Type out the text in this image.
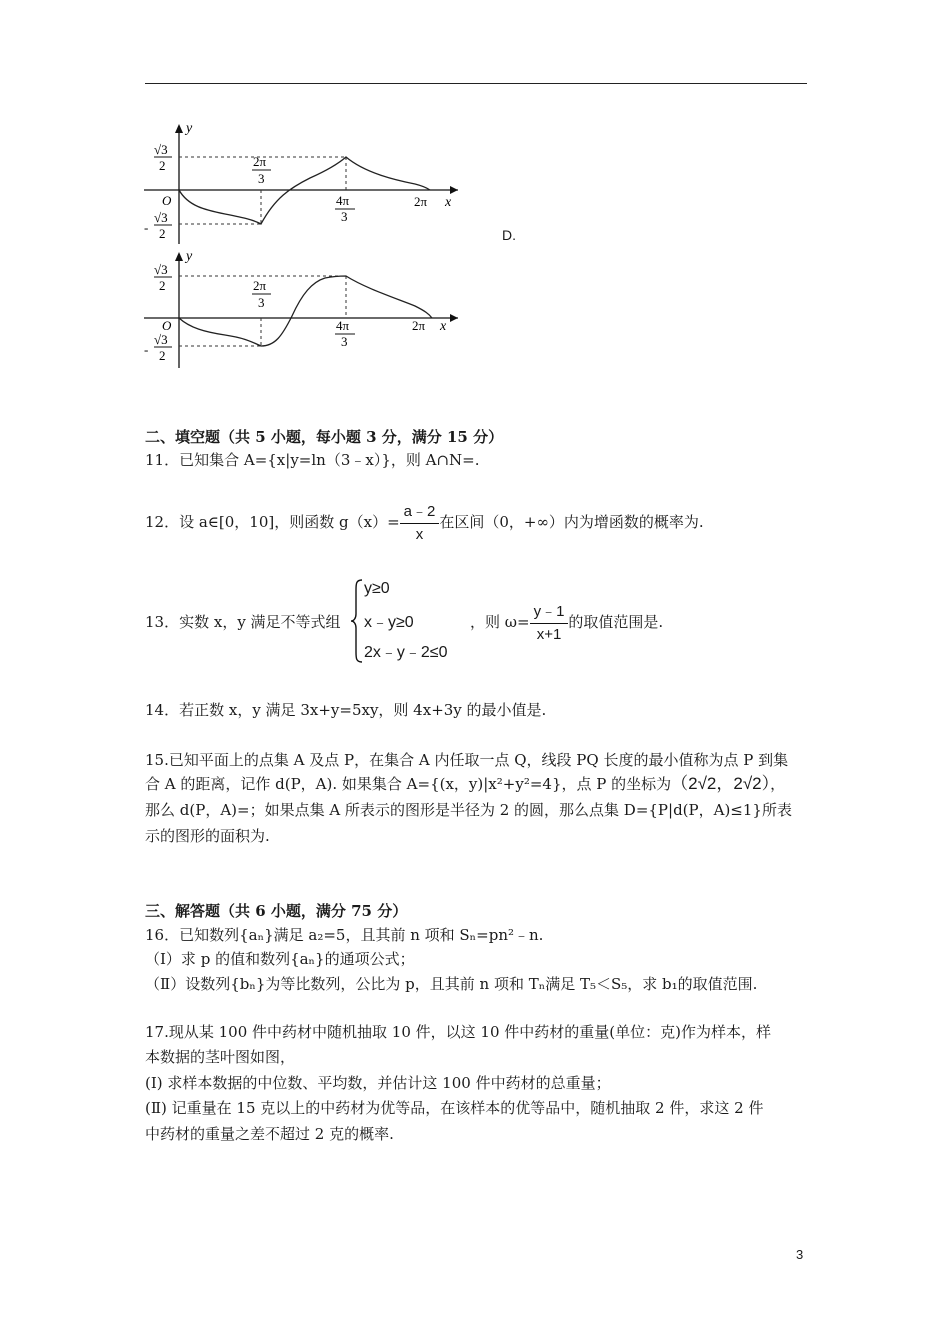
y
x
O
√3
2
-
√3
2
2π
3
4π
3
2π
D.
y
x
O
√3
2
-
√3
2
2π
3
4π
3
2π
二、填空题（共 5 小题，每小题 3 分，满分 15 分）
11．已知集合 A={x|y=ln（3﹣x）}，则 A∩N=.
12．设 a∈[0，10]，则函数 $g(x)= \frac{a﹣2}{x}$ 在区间（0，+∞）内为增函数的概率为.
13．实数 x，y 满足不等式组
y≥0
x﹣y≥0
2x﹣y﹣2≤0
，则 $\omega= \frac{y﹣1}{x+1}$ 的取值范围是.
14．若正数 x，y 满足 3x+y=5xy，则 4x+3y 的最小值是.
15.已知平面上的点集 A 及点 P，在集合 A 内任取一点 Q，线段 PQ 长度的最小值称为点 P 到集
合 A 的距离，记作 d(P，A). 如果集合 A={(x，y)|x²+y²=4}，点 P 的坐标为（2√2，2√2），
那么 d(P，A)=；如果点集 A 所表示的图形是半径为 2 的圆，那么点集 D={P|d(P，A)≤1}所表
示的图形的面积为.
三、解答题（共 6 小题，满分 75 分）
16．已知数列{aₙ}满足 a₂=5，且其前 n 项和 Sₙ=pn²﹣n.
（Ⅰ）求 p 的值和数列{aₙ}的通项公式；
（Ⅱ）设数列{bₙ}为等比数列，公比为 p，且其前 n 项和 Tₙ满足 T₅＜S₅，求 b₁的取值范围.
17.现从某 100 件中药材中随机抽取 10 件，以这 10 件中药材的重量(单位：克)作为样本，样
本数据的茎叶图如图，
(Ⅰ) 求样本数据的中位数、平均数，并估计这 100 件中药材的总重量；
(Ⅱ) 记重量在 15 克以上的中药材为优等品，在该样本的优等品中，随机抽取 2 件，求这 2 件
中药材的重量之差不超过 2 克的概率.
3
